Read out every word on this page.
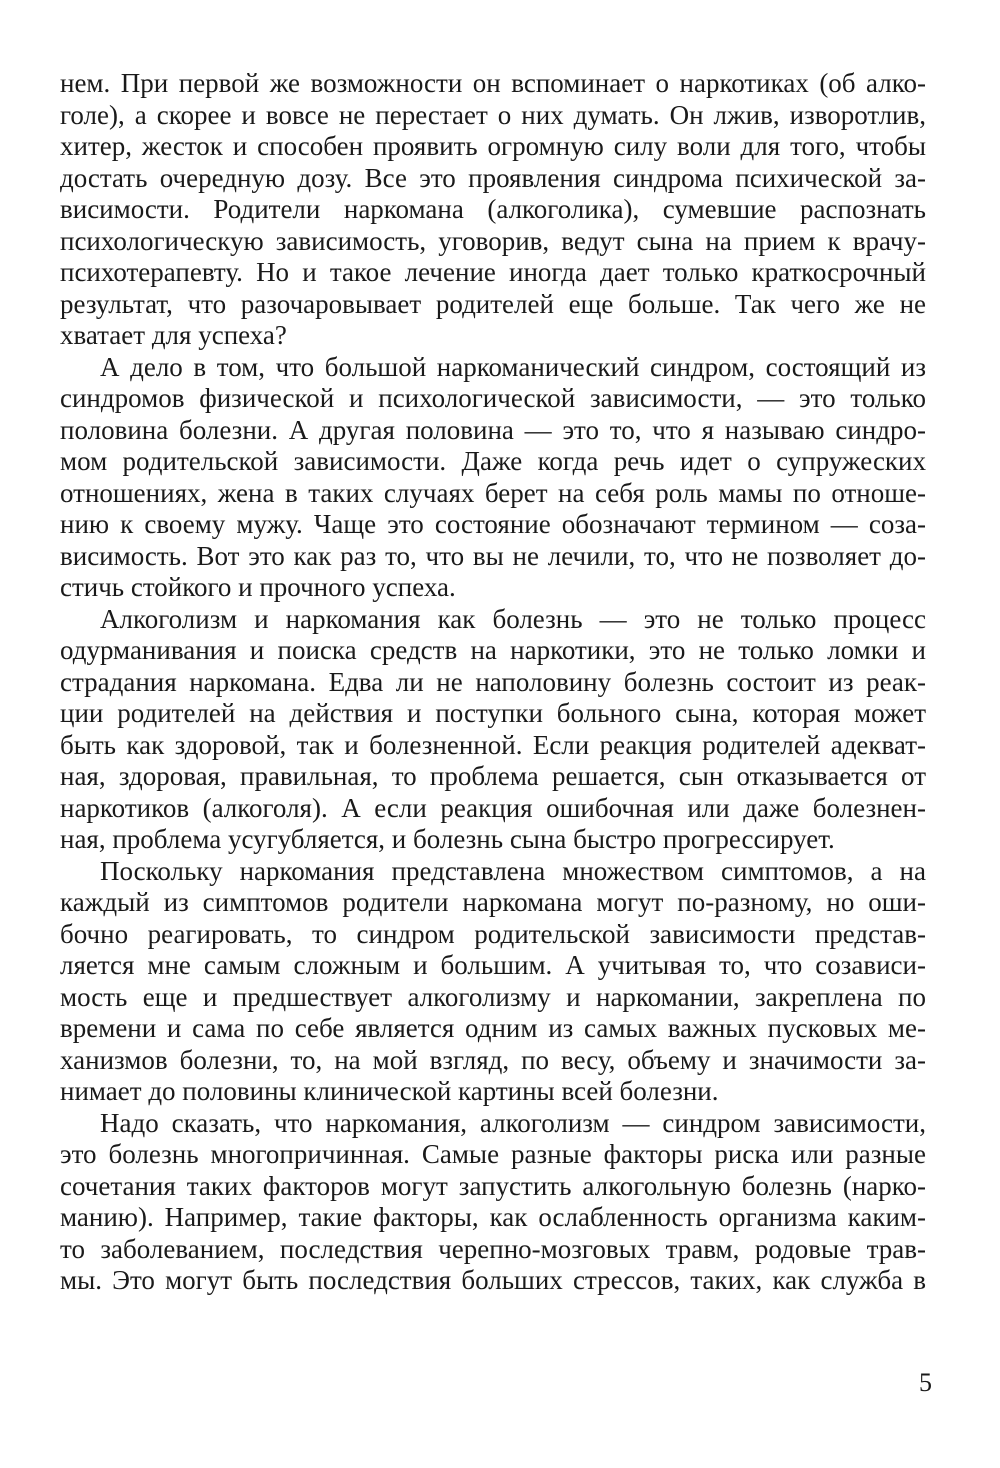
нем. При первой же возможности он вспоминает о наркотиках (об алко-
голе), а скорее и вовсе не перестает о них думать. Он лжив, изворотлив,
хитер, жесток и способен проявить огромную силу воли для того, чтобы
достать очередную дозу. Все это проявления синдрома психической за-
висимости. Родители наркомана (алкоголика), сумевшие распознать
психологическую зависимость, уговорив, ведут сына на прием к врачу-
психотерапевту. Но и такое лечение иногда дает только краткосрочный
результат, что разочаровывает родителей еще больше. Так чего же не
хватает для успеха?
А дело в том, что большой наркоманический синдром, состоящий из
синдромов физической и психологической зависимости, — это только
половина болезни. А другая половина — это то, что я называю синдро-
мом родительской зависимости. Даже когда речь идет о супружеских
отношениях, жена в таких случаях берет на себя роль мамы по отноше-
нию к своему мужу. Чаще это состояние обозначают термином — соза-
висимость. Вот это как раз то, что вы не лечили, то, что не позволяет до-
стичь стойкого и прочного успеха.
Алкоголизм и наркомания как болезнь — это не только процесс
одурманивания и поиска средств на наркотики, это не только ломки и
страдания наркомана. Едва ли не наполовину болезнь состоит из реак-
ции родителей на действия и поступки больного сына, которая может
быть как здоровой, так и болезненной. Если реакция родителей адекват-
ная, здоровая, правильная, то проблема решается, сын отказывается от
наркотиков (алкоголя). А если реакция ошибочная или даже болезнен-
ная, проблема усугубляется, и болезнь сына быстро прогрессирует.
Поскольку наркомания представлена множеством симптомов, а на
каждый из симптомов родители наркомана могут по-разному, но оши-
бочно реагировать, то синдром родительской зависимости представ-
ляется мне самым сложным и большим. А учитывая то, что созависи-
мость еще и предшествует алкоголизму и наркомании, закреплена по
времени и сама по себе является одним из самых важных пусковых ме-
ханизмов болезни, то, на мой взгляд, по весу, объему и значимости за-
нимает до половины клинической картины всей болезни.
Надо сказать, что наркомания, алкоголизм — синдром зависимости,
это болезнь многопричинная. Самые разные факторы риска или разные
сочетания таких факторов могут запустить алкогольную болезнь (нарко-
манию). Например, такие факторы, как ослабленность организма каким-
то заболеванием, последствия черепно-мозговых травм, родовые трав-
мы. Это могут быть последствия больших стрессов, таких, как служба в
5
